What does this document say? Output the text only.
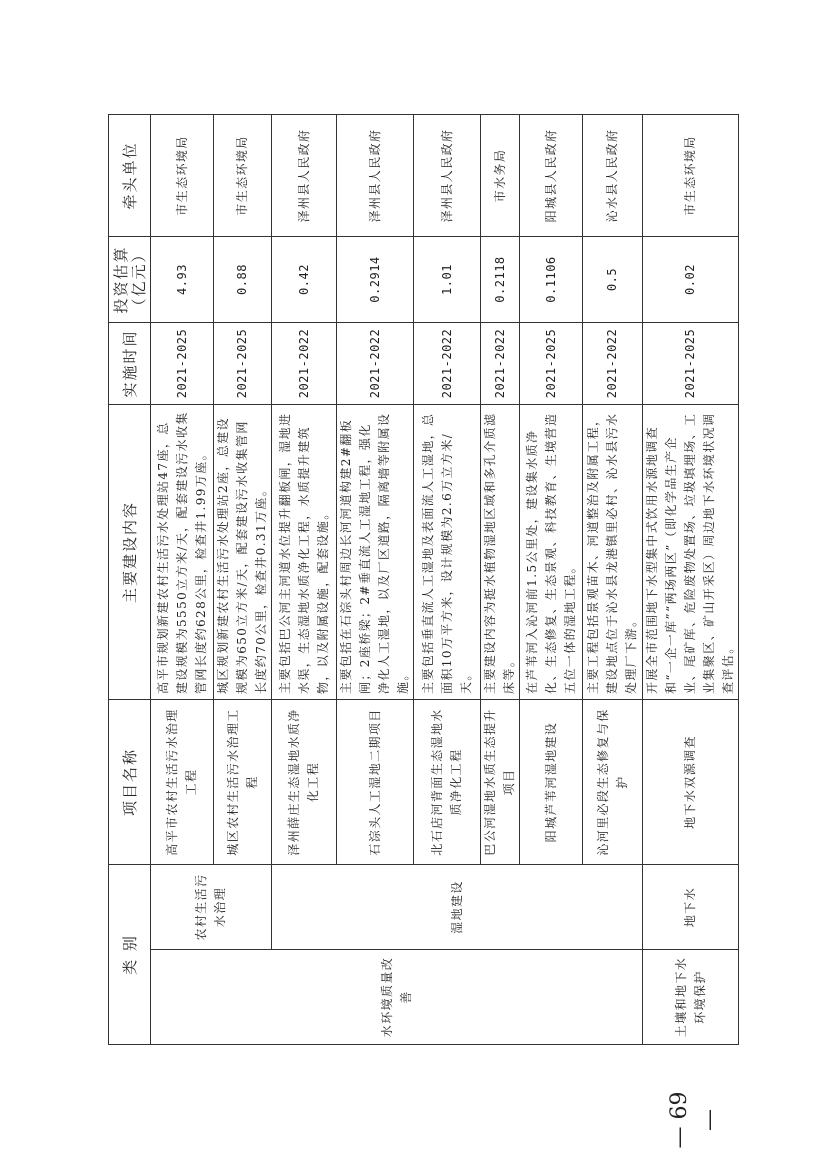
类 别		项目名称	主要建设内容	实施时间	投资估算（亿元）	牵头单位
水环境质量改善	农村生活污水治理	高平市农村生活污水治理工程	高平市规划新建农村生活污水处理站47座，总建设规模为5550立方米/天，配套建设污水收集管网长度约628公里，检查井1.99万座。	2021-2025	4.93	市生态环境局
		城区农村生活污水治理工程	城区规划新建农村生活污水处理站2座，总建设规模为650立方米/天，配套建设污水收集管网长度约70公里，检查井0.31万座。	2021-2025	0.88	市生态环境局
	湿地建设	泽州薛庄生态湿地水质净化工程	主要包括巴公河主河道水位提升翻板闸，湿地进水渠，生态湿地水质净化工程，水质提升建筑物，以及附属设施，配套设施。	2021-2022	0.42	泽州县人民政府
		石淙头人工湿地二期项目	主要包括在石淙头村周边长河河道构建2#翻板闸；2座桥梁；2#垂直流人工湿地工程，强化净化人工湿地，以及厂区道路，隔离墙等附属设施。	2021-2022	0.2914	泽州县人民政府
		北石店河背面生态湿地水质净化工程	主要包括垂直流人工湿地及表面流人工湿地，总面积10万平方米，设计规模为2.6万立方米/天。	2021-2022	1.01	泽州县人民政府
		巴公河湿地水质生态提升项目	主要建设内容为挺水植物湿地区域和多孔介质滤床等。	2021-2022	0.2118	市水务局
		阳城芦苇河湿地建设	在芦苇河入沁河前1.5公里处，建设集水质净化、生态修复、生态景观、科技教育、生境营造五位一体的湿地工程。	2021-2025	0.1106	阳城县人民政府
		沁河里必段生态修复与保护	主要工程包括景观苗木、河道整治及附属工程，建设地点位于沁水县龙港镇里必村、沁水县污水处理厂下游。	2021-2022	0.5	沁水县人民政府
土壤和地下水环境保护	地下水	地下水双源调查	开展全市范围地下水型集中式饮用水源地调查和“一企一库”“两场两区”（即化学品生产企业、尾矿库、危险废物处置场、垃圾填埋场、工业集聚区、矿山开采区）周边地下水环境状况调查评估。	2021-2025	0.02	市生态环境局
— 69 —
